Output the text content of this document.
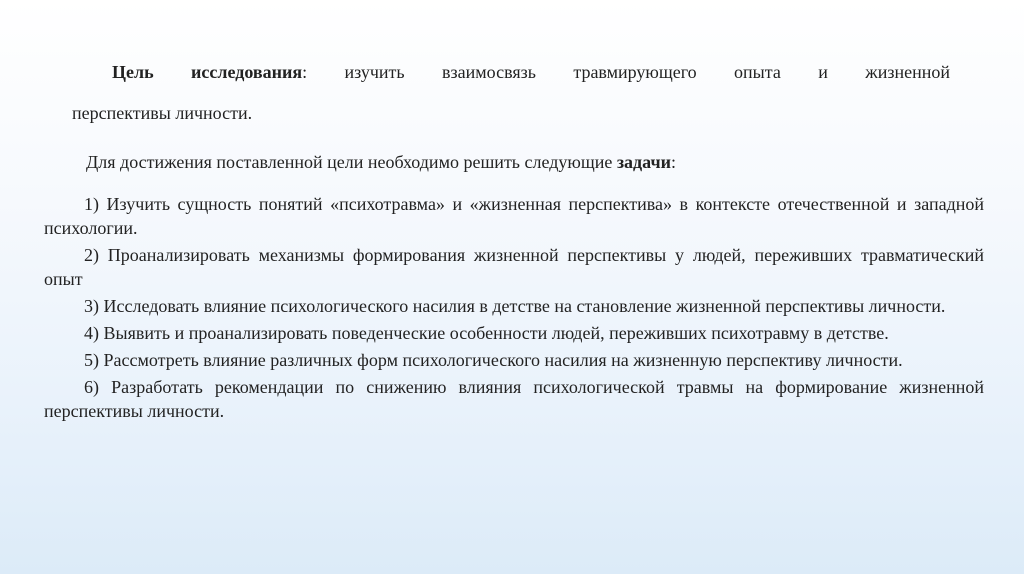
Цель исследования: изучить взаимосвязь травмирующего опыта и жизненной
перспективы личности.
Для достижения поставленной цели необходимо решить следующие задачи:
1) Изучить сущность понятий «психотравма» и «жизненная перспектива» в контексте отечественной и западной психологии.
2) Проанализировать механизмы формирования жизненной перспективы у людей, переживших травматический опыт
3) Исследовать влияние психологического насилия в детстве на становление жизненной перспективы личности.
4) Выявить и проанализировать поведенческие особенности людей, переживших психотравму в детстве.
5) Рассмотреть влияние различных форм психологического насилия на жизненную перспективу личности.
6) Разработать рекомендации по снижению влияния психологической травмы на формирование жизненной перспективы личности.
